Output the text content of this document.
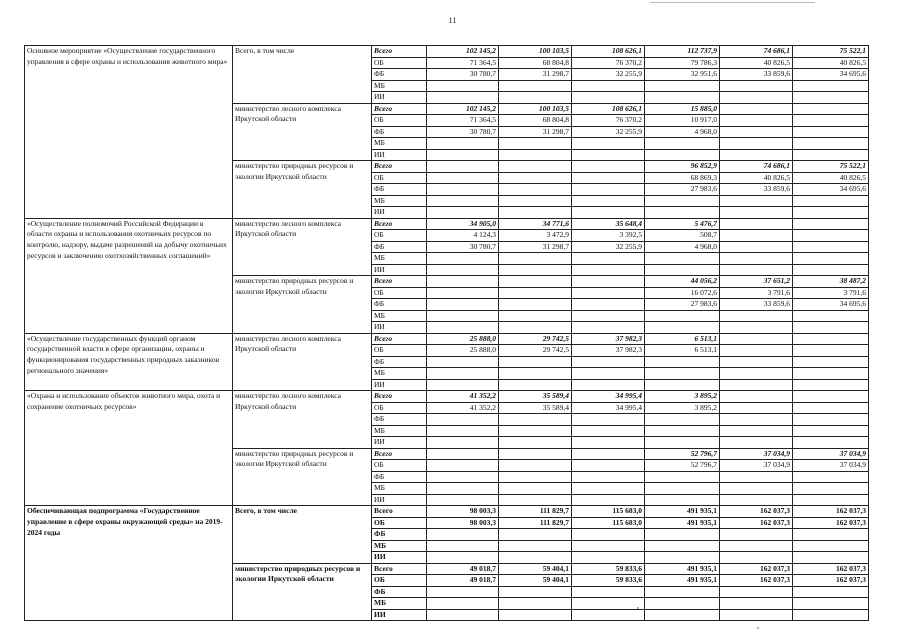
11
Основное мероприятие «Осуществление государственного управления в сфере охраны и использования животного мира»	Всего, в том числе	Всего	102 145,2	100 103,5	108 626,1	112 737,9	74 686,1	75 522,1
		ОБ	71 364,5	68 804,8	76 370,2	79 786,3	40 826,5	40 826,5
		ФБ	30 780,7	31 298,7	32 255,9	32 951,6	33 859,6	34 695,6
		МБ						
		ИИ						
	министерство лесного комплекса Иркутской области	Всего	102 145,2	100 103,5	108 626,1	15 885,0		
		ОБ	71 364,5	68 804,8	76 370,2	10 917,0		
		ФБ	30 780,7	31 298,7	32 255,9	4 968,0		
		МБ						
		ИИ						
	министерство природных ресурсов и экологии Иркутской области	Всего				96 852,9	74 686,1	75 522,1
		ОБ				68 869,3	40 826,5	40 826,5
		ФБ				27 983,6	33 859,6	34 695,6
		МБ						
		ИИ						
«Осуществление полномочий Российской Федерации в области охраны и использования охотничьих ресурсов по контролю, надзору, выдаче разрешений на добычу охотничьих ресурсов и заключению охотхозяйственных соглашений»	министерство лесного комплекса Иркутской области	Всего	34 905,0	34 771,6	35 648,4	5 476,7		
		ОБ	4 124,3	3 472,9	3 392,5	508,7		
		ФБ	30 780,7	31 298,7	32 255,9	4 968,0		
		МБ						
		ИИ						
	министерство природных ресурсов и экологии Иркутской области	Всего				44 056,2	37 651,2	38 487,2
		ОБ				16 072,6	3 791,6	3 791,6
		ФБ				27 983,6	33 859,6	34 695,6
		МБ						
		ИИ						
«Осуществление государственных функций органом государственной власти в сфере организации, охраны и функционирования государственных природных заказников регионального значения»	министерство лесного комплекса Иркутской области	Всего	25 888,0	29 742,5	37 982,3	6 513,1		
		ОБ	25 888,0	29 742,5	37 982,3	6 513,1		
		ФБ						
		МБ						
		ИИ						
«Охрана и использование объектов животного мира, охота и сохранение охотничьих ресурсов»	министерство лесного комплекса Иркутской области	Всего	41 352,2	35 589,4	34 995,4	3 895,2		
		ОБ	41 352,2	35 589,4	34 995,4	3 895,2		
		ФБ						
		МБ						
		ИИ						
	министерство природных ресурсов и экологии Иркутской области	Всего				52 796,7	37 034,9	37 034,9
		ОБ				52 796,7	37 034,9	37 034,9
		ФБ						
		МБ						
		ИИ						
Обеспечивающая подпрограмма «Государственное управление в сфере охраны окружающей среды» на 2019-2024 годы	Всего, в том числе	Всего	98 003,3	111 829,7	115 683,0	491 935,1	162 037,3	162 037,3
		ОБ	98 003,3	111 829,7	115 683,0	491 935,1	162 037,3	162 037,3
		ФБ						
		МБ						
		ИИ						
	министерство природных ресурсов и экологии Иркутской области	Всего	49 018,7	59 404,1	59 833,6	491 935,1	162 037,3	162 037,3
		ОБ	49 018,7	59 404,1	59 833,6	491 935,1	162 037,3	162 037,3
		ФБ						
		МБ						
		ИИ						
